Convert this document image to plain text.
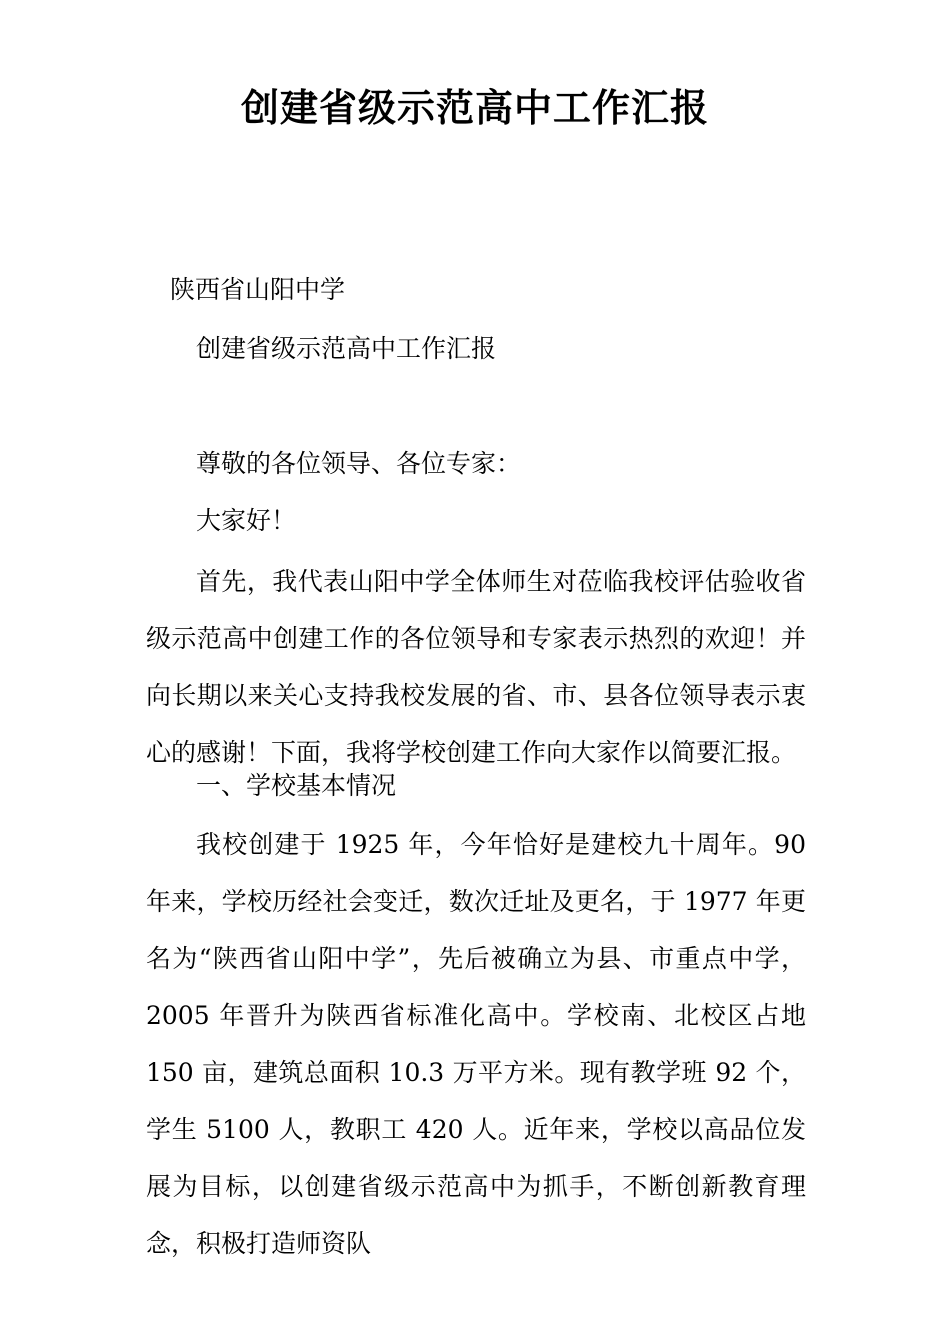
创建省级示范高中工作汇报

陕西省山阳中学

创建省级示范高中工作汇报

尊敬的各位领导、各位专家：

大家好！

首先，我代表山阳中学全体师生对莅临我校评估验收省级示范高中创建工作的各位领导和专家表示热烈的欢迎！并向长期以来关心支持我校发展的省、市、县各位领导表示衷心的感谢！下面，我将学校创建工作向大家作以简要汇报。

一、学校基本情况

我校创建于 1925 年，今年恰好是建校九十周年。90 年来，学校历经社会变迁，数次迁址及更名，于 1977 年更名为“陕西省山阳中学”，先后被确立为县、市重点中学，2005 年晋升为陕西省标准化高中。学校南、北校区占地 150 亩，建筑总面积 10.3 万平方米。现有教学班 92 个，学生 5100 人，教职工 420 人。近年来，学校以高品位发展为目标，以创建省级示范高中为抓手，不断创新教育理念，积极打造师资队
